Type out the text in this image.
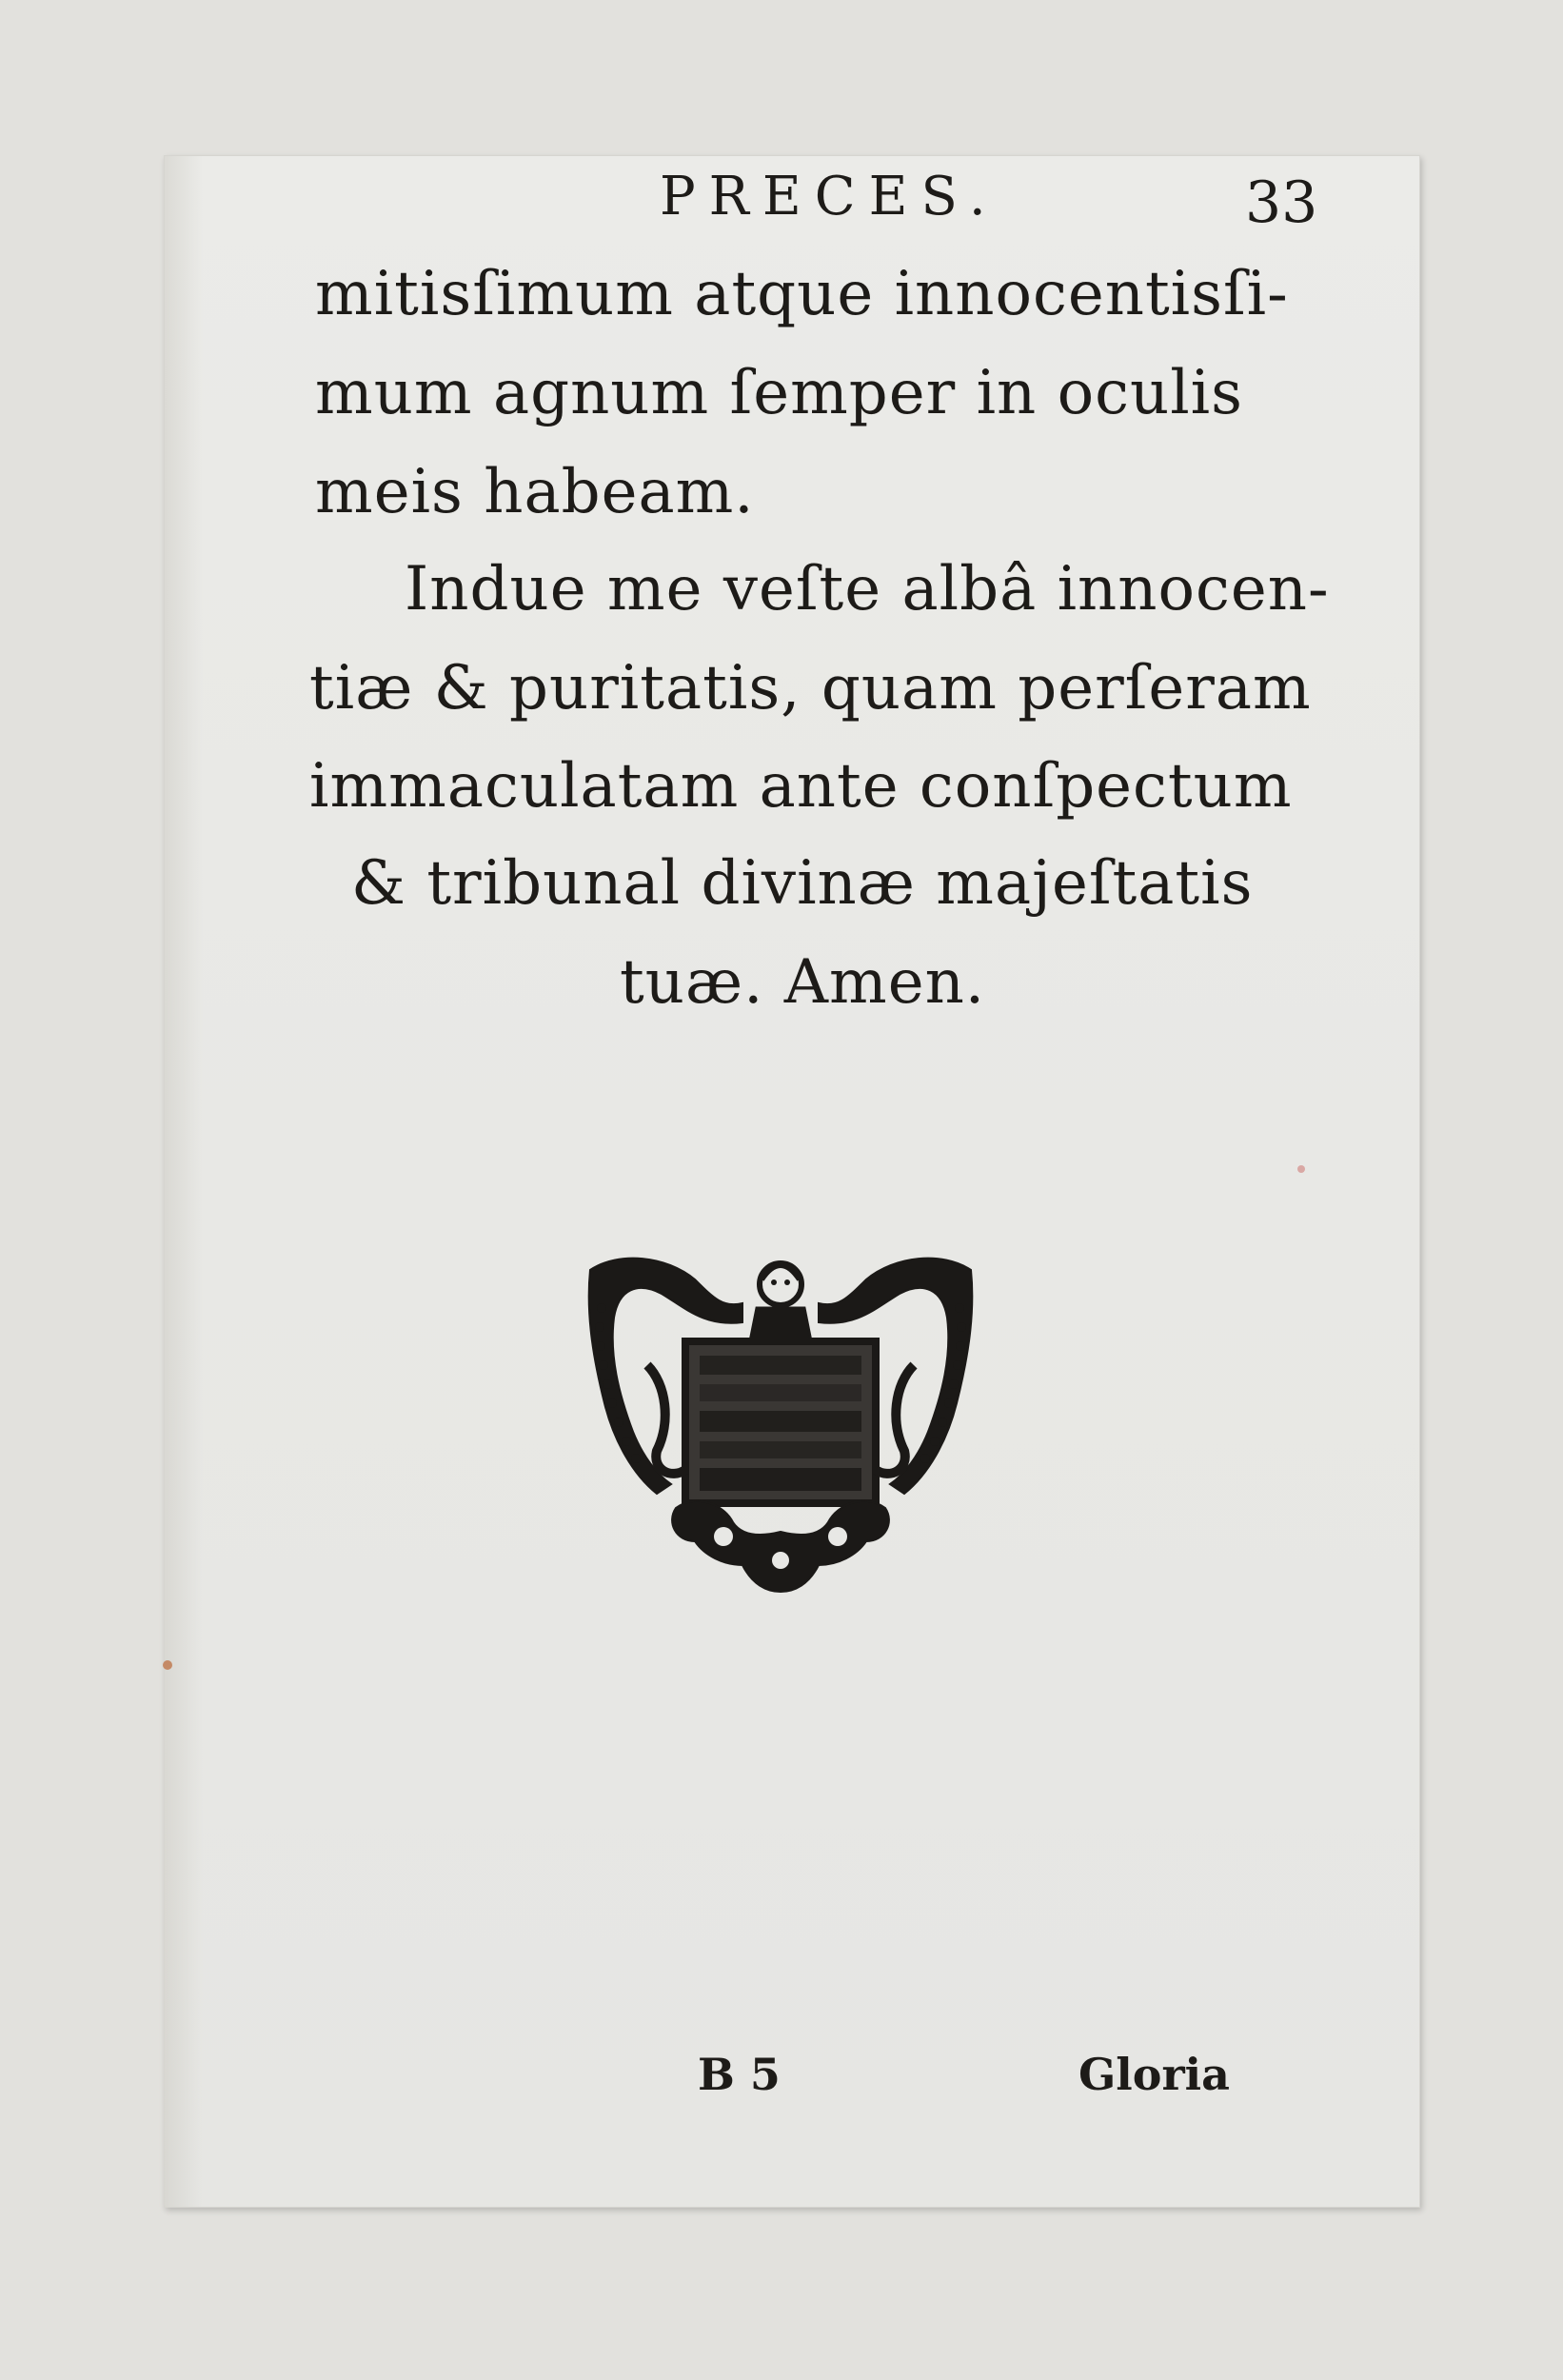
PRECES.	33

mitisſimum atque innocentisſi-

mum agnum ſemper in oculis

meis habeam.

Indue me veſte albâ innocen-

tiæ & puritatis, quam perſeram

immaculatam ante conſpectum

& tribunal divinæ majeſtatis

tuæ. Amen.

B 5	Gloria
